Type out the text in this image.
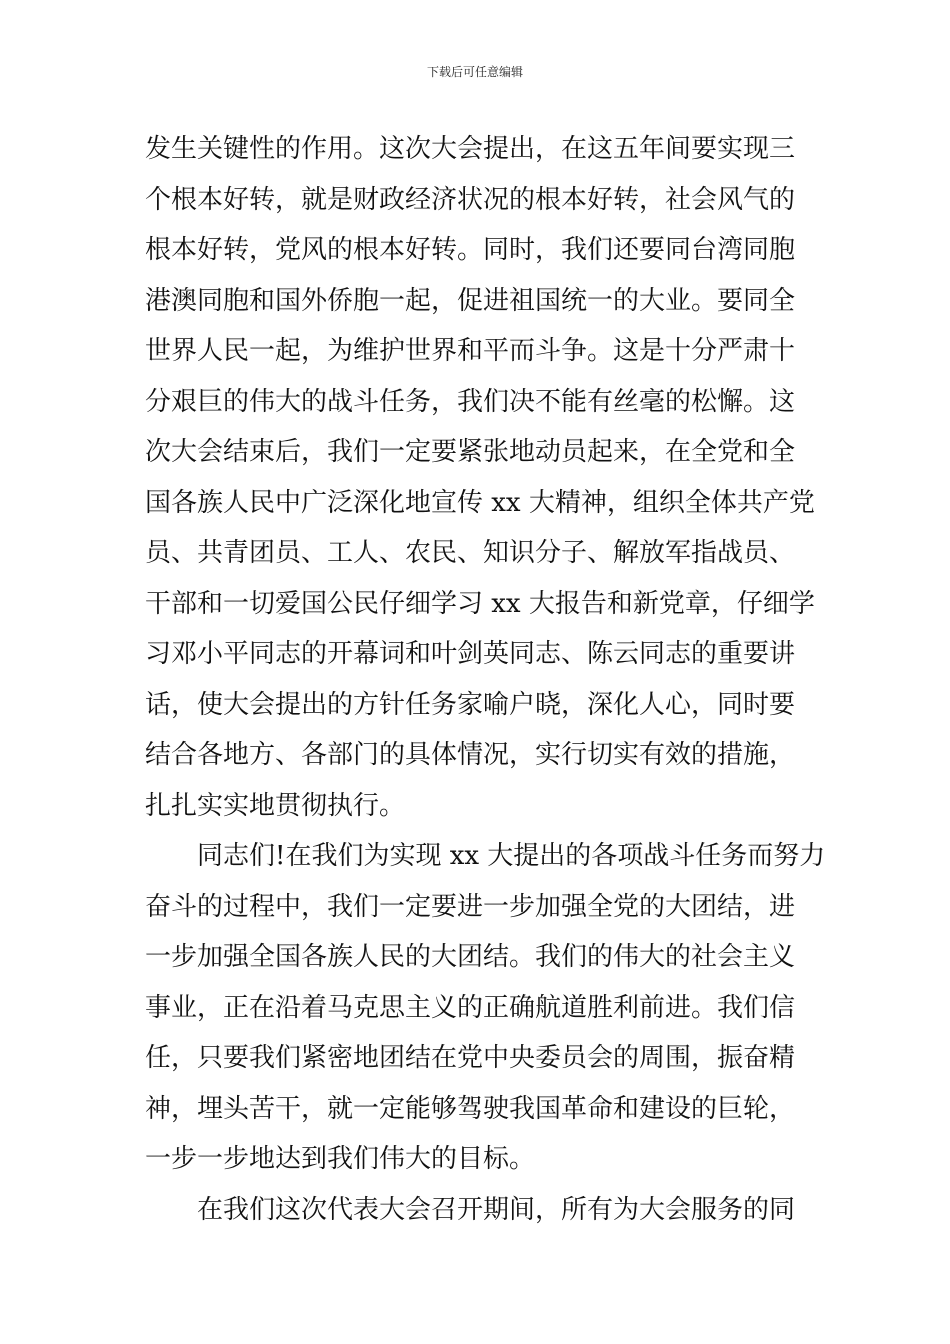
下载后可任意编辑
发生关键性的作用。这次大会提出，在这五年间要实现三
个根本好转，就是财政经济状况的根本好转，社会风气的
根本好转，党风的根本好转。同时，我们还要同台湾同胞
港澳同胞和国外侨胞一起，促进祖国统一的大业。要同全
世界人民一起，为维护世界和平而斗争。这是十分严肃十
分艰巨的伟大的战斗任务，我们决不能有丝毫的松懈。这
次大会结束后，我们一定要紧张地动员起来，在全党和全
国各族人民中广泛深化地宣传 xx 大精神，组织全体共产党
员、共青团员、工人、农民、知识分子、解放军指战员、
干部和一切爱国公民仔细学习 xx 大报告和新党章，仔细学
习邓小平同志的开幕词和叶剑英同志、陈云同志的重要讲
话，使大会提出的方针任务家喻户晓，深化人心，同时要
结合各地方、各部门的具体情况，实行切实有效的措施，
扎扎实实地贯彻执行。
同志们!在我们为实现 xx 大提出的各项战斗任务而努力
奋斗的过程中，我们一定要进一步加强全党的大团结，进
一步加强全国各族人民的大团结。我们的伟大的社会主义
事业，正在沿着马克思主义的正确航道胜利前进。我们信
任，只要我们紧密地团结在党中央委员会的周围，振奋精
神，埋头苦干，就一定能够驾驶我国革命和建设的巨轮，
一步一步地达到我们伟大的目标。
在我们这次代表大会召开期间，所有为大会服务的同
